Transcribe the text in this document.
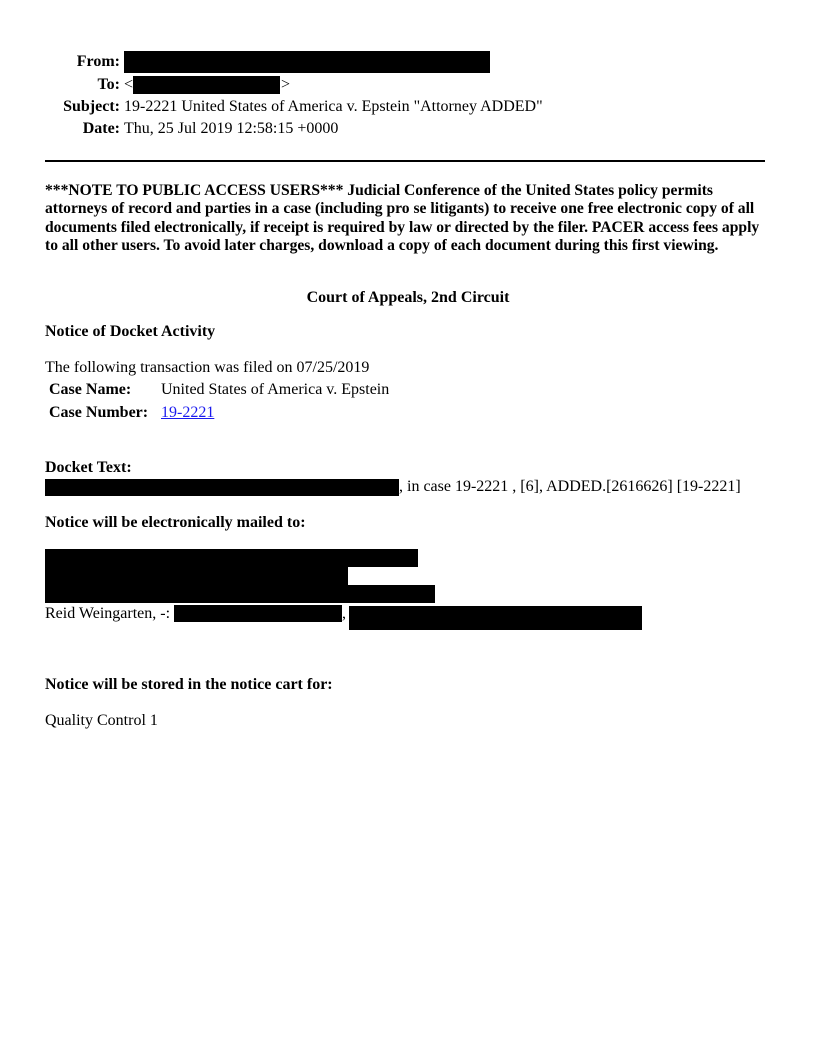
From:
To: <	>
Subject: 19-2221 United States of America v. Epstein "Attorney ADDED"
Date: Thu, 25 Jul 2019 12:58:15 +0000
***NOTE TO PUBLIC ACCESS USERS*** Judicial Conference of the United States policy permits attorneys of record and parties in a case (including pro se litigants) to receive one free electronic copy of all documents filed electronically, if receipt is required by law or directed by the filer. PACER access fees apply to all other users. To avoid later charges, download a copy of each document during this first viewing.
Court of Appeals, 2nd Circuit
Notice of Docket Activity
The following transaction was filed on 07/25/2019
Case Name: United States of America v. Epstein
Case Number: 19-2221
Docket Text:
, in case 19-2221 , [6], ADDED.[2616626] [19-2221]
Notice will be electronically mailed to:
Reid Weingarten, -:	,
Notice will be stored in the notice cart for:
Quality Control 1
